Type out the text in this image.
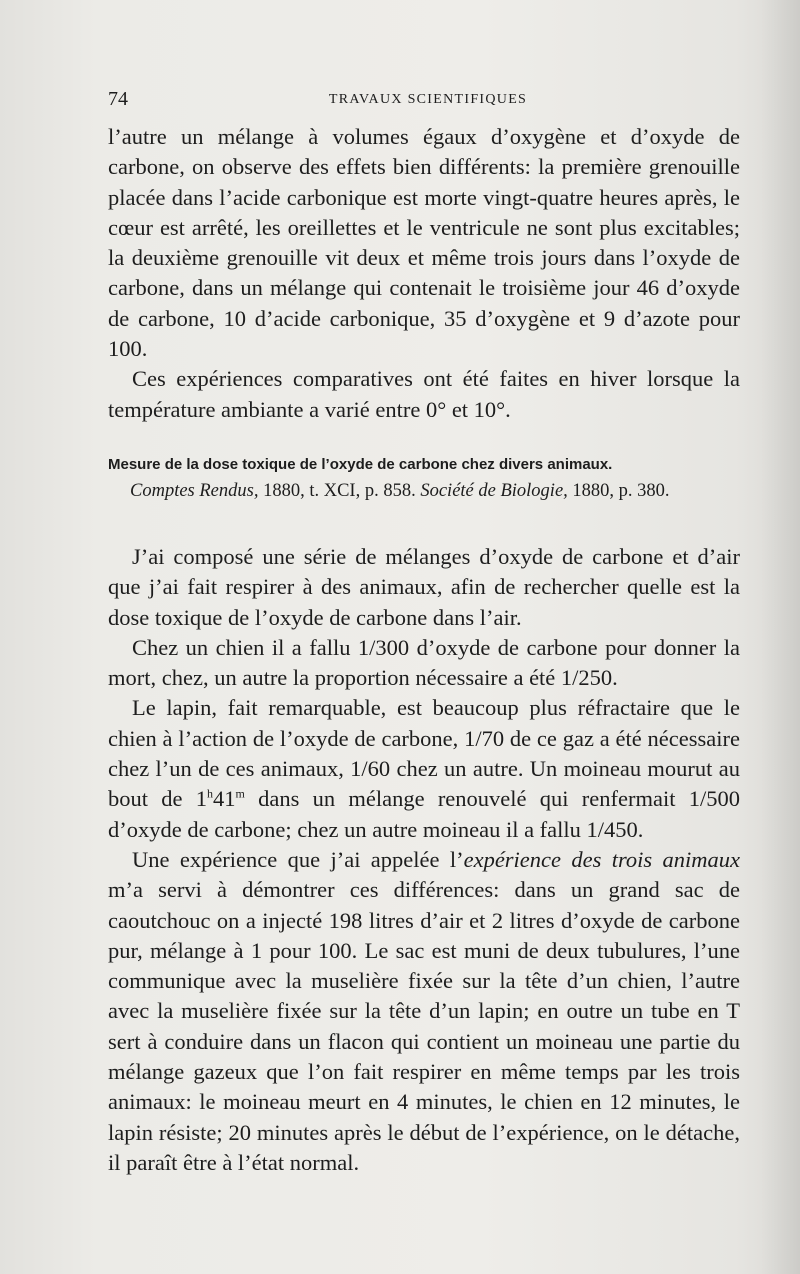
74	TRAVAUX SCIENTIFIQUES

l’autre un mélange à volumes égaux d’oxygène et d’oxyde de carbone, on observe des effets bien différents: la première grenouille placée dans l’acide carbonique est morte vingt-quatre heures après, le cœur est arrêté, les oreillettes et le ventricule ne sont plus excitables; la deuxième grenouille vit deux et même trois jours dans l’oxyde de carbone, dans un mélange qui contenait le troisième jour 46 d’oxyde de carbone, 10 d’acide carbonique, 35 d’oxygène et 9 d’azote pour 100.

Ces expériences comparatives ont été faites en hiver lorsque la température ambiante a varié entre 0° et 10°.

Mesure de la dose toxique de l’oxyde de carbone chez divers animaux.
Comptes Rendus, 1880, t. XCI, p. 858. Société de Biologie, 1880, p. 380.

J’ai composé une série de mélanges d’oxyde de carbone et d’air que j’ai fait respirer à des animaux, afin de rechercher quelle est la dose toxique de l’oxyde de carbone dans l’air.

Chez un chien il a fallu 1/300 d’oxyde de carbone pour donner la mort, chez, un autre la proportion nécessaire a été 1/250.

Le lapin, fait remarquable, est beaucoup plus réfractaire que le chien à l’action de l’oxyde de carbone, 1/70 de ce gaz a été nécessaire chez l’un de ces animaux, 1/60 chez un autre. Un moineau mourut au bout de 1$^h$41$^m$ dans un mélange renouvelé qui renfermait 1/500 d’oxyde de carbone; chez un autre moineau il a fallu 1/450.

Une expérience que j’ai appelée l’expérience des trois animaux m’a servi à démontrer ces différences: dans un grand sac de caoutchouc on a injecté 198 litres d’air et 2 litres d’oxyde de carbone pur, mélange à 1 pour 100. Le sac est muni de deux tubulures, l’une communique avec la muselière fixée sur la tête d’un chien, l’autre avec la muselière fixée sur la tête d’un lapin; en outre un tube en T sert à conduire dans un flacon qui contient un moineau une partie du mélange gazeux que l’on fait respirer en même temps par les trois animaux: le moineau meurt en 4 minutes, le chien en 12 minutes, le lapin résiste; 20 minutes après le début de l’expérience, on le détache, il paraît être à l’état normal.
